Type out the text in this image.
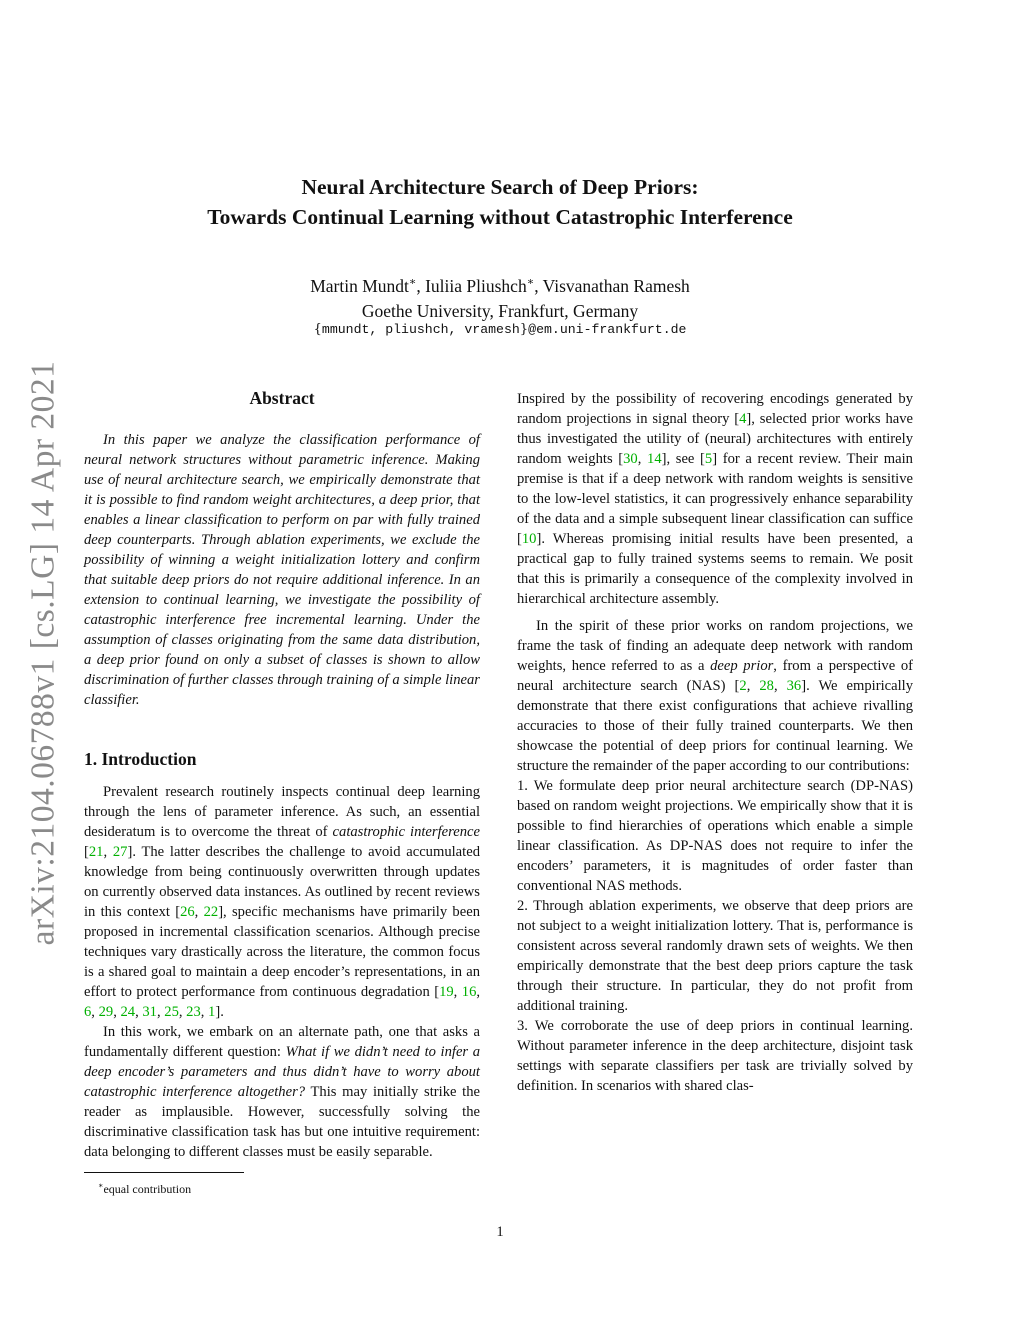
arXiv:2104.06788v1 [cs.LG] 14 Apr 2021
Neural Architecture Search of Deep Priors:
Towards Continual Learning without Catastrophic Interference
Martin Mundt∗, Iuliia Pliushch∗, Visvanathan Ramesh
Goethe University, Frankfurt, Germany
{mmundt, pliushch, vramesh}@em.uni-frankfurt.de
Abstract

In this paper we analyze the classification performance of neural network structures without parametric inference. Making use of neural architecture search, we empirically demonstrate that it is possible to find random weight architectures, a deep prior, that enables a linear classification to perform on par with fully trained deep counterparts. Through ablation experiments, we exclude the possibility of winning a weight initialization lottery and confirm that suitable deep priors do not require additional inference. In an extension to continual learning, we investigate the possibility of catastrophic interference free incremental learning. Under the assumption of classes originating from the same data distribution, a deep prior found on only a subset of classes is shown to allow discrimination of further classes through training of a simple linear classifier.

1. Introduction

Prevalent research routinely inspects continual deep learning through the lens of parameter inference. As such, an essential desideratum is to overcome the threat of catastrophic interference [21, 27]. The latter describes the challenge to avoid accumulated knowledge from being continuously overwritten through updates on currently observed data instances. As outlined by recent reviews in this context [26, 22], specific mechanisms have primarily been proposed in incremental classification scenarios. Although precise techniques vary drastically across the literature, the common focus is a shared goal to maintain a deep encoder’s representations, in an effort to protect performance from continuous degradation [19, 16, 6, 29, 24, 31, 25, 23, 1].

In this work, we embark on an alternate path, one that asks a fundamentally different question: What if we didn’t need to infer a deep encoder’s parameters and thus didn’t have to worry about catastrophic interference altogether? This may initially strike the reader as implausible. However, successfully solving the discriminative classification task has but one intuitive requirement: data belonging to different classes must be easily separable.

Inspired by the possibility of recovering encodings generated by random projections in signal theory [4], selected prior works have thus investigated the utility of (neural) architectures with entirely random weights [30, 14], see [5] for a recent review. Their main premise is that if a deep network with random weights is sensitive to the low-level statistics, it can progressively enhance separability of the data and a simple subsequent linear classification can suffice [10]. Whereas promising initial results have been presented, a practical gap to fully trained systems seems to remain. We posit that this is primarily a consequence of the complexity involved in hierarchical architecture assembly.

In the spirit of these prior works on random projections, we frame the task of finding an adequate deep network with random weights, hence referred to as a deep prior, from a perspective of neural architecture search (NAS) [2, 28, 36]. We empirically demonstrate that there exist configurations that achieve rivalling accuracies to those of their fully trained counterparts. We then showcase the potential of deep priors for continual learning. We structure the remainder of the paper according to our contributions:

1. We formulate deep prior neural architecture search (DP-NAS) based on random weight projections. We empirically show that it is possible to find hierarchies of operations which enable a simple linear classification. As DP-NAS does not require to infer the encoders’ parameters, it is magnitudes of order faster than conventional NAS methods.

2. Through ablation experiments, we observe that deep priors are not subject to a weight initialization lottery. That is, performance is consistent across several randomly drawn sets of weights. We then empirically demonstrate that the best deep priors capture the task through their structure. In particular, they do not profit from additional training.

3. We corroborate the use of deep priors in continual learning. Without parameter inference in the deep architecture, disjoint task settings with separate classifiers per task are trivially solved by definition. In scenarios with shared clas-

∗equal contribution
1
